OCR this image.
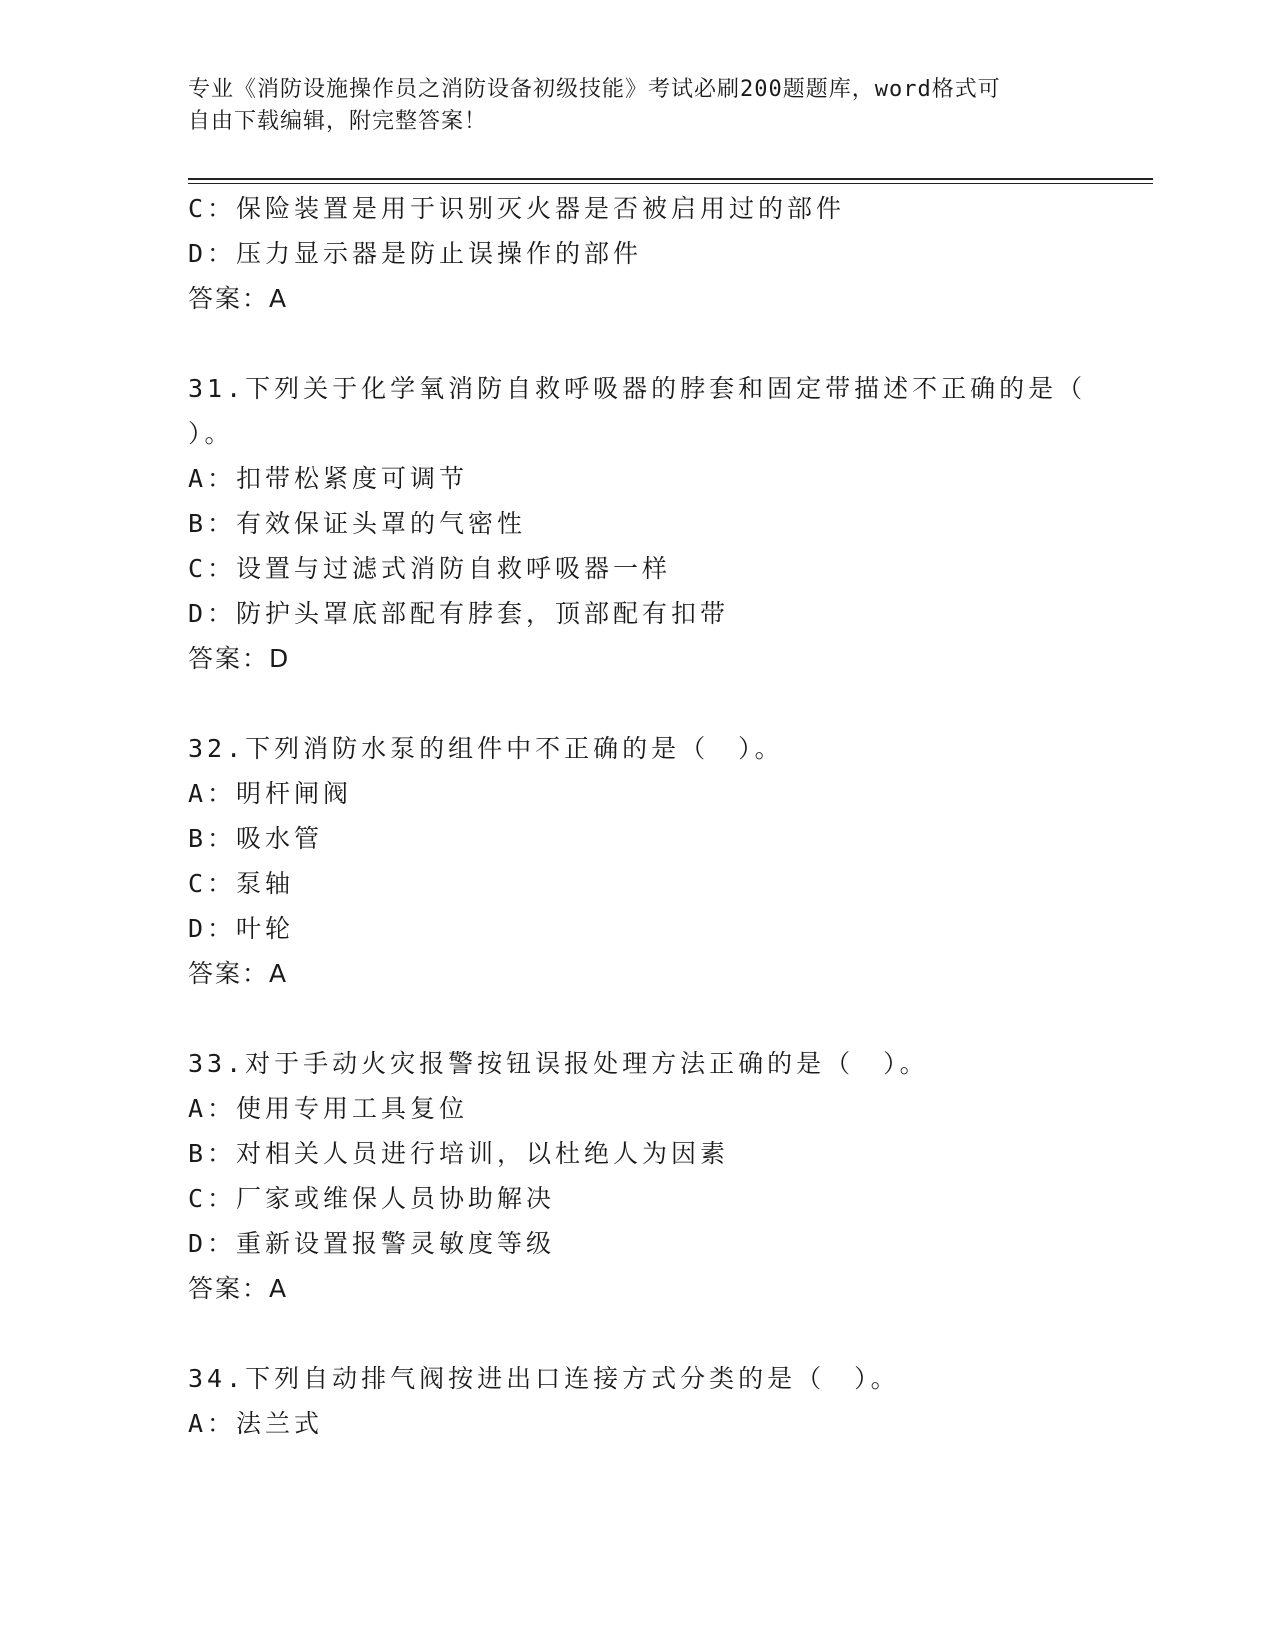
专业《消防设施操作员之消防设备初级技能》考试必刷200题题库，word格式可
自由下载编辑，附完整答案！
C：保险装置是用于识别灭火器是否被启用过的部件
D：压力显示器是防止误操作的部件
答案：A
31.下列关于化学氧消防自救呼吸器的脖套和固定带描述不正确的是（
）。
A：扣带松紧度可调节
B：有效保证头罩的气密性
C：设置与过滤式消防自救呼吸器一样
D：防护头罩底部配有脖套，顶部配有扣带
答案：D
32.下列消防水泵的组件中不正确的是（　）。
A：明杆闸阀
B：吸水管
C：泵轴
D：叶轮
答案：A
33.对于手动火灾报警按钮误报处理方法正确的是（　）。
A：使用专用工具复位
B：对相关人员进行培训，以杜绝人为因素
C：厂家或维保人员协助解决
D：重新设置报警灵敏度等级
答案：A
34.下列自动排气阀按进出口连接方式分类的是（　）。
A：法兰式
